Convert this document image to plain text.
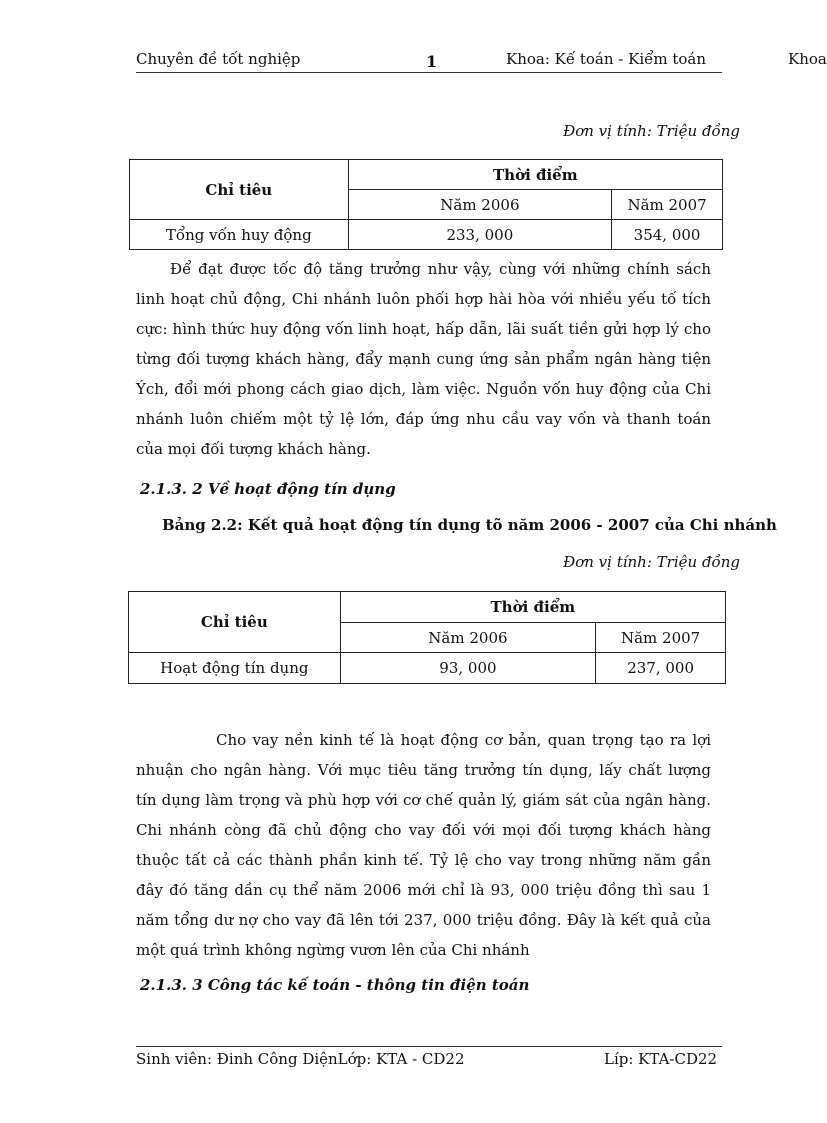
Chuyên đề tốt nghiệp	1	Khoa: Kế toán - Kiểm toán	Khoa
Đơn vị tính: Triệu đồng
Chỉ tiêu	Thời điểm	
	Năm 2006	Năm 2007
Tổng vốn huy động	233, 000	354, 000

Để đạt được tốc độ tăng trưởng như vậy, cùng với những chính sách linh hoạt chủ động, Chi nhánh luôn phối hợp hài hòa với nhiều yếu tố tích cực: hình thức huy động vốn linh hoạt, hấp dẫn, lãi suất tiền gửi hợp lý cho từng đối tượng khách hàng, đẩy mạnh cung ứng sản phẩm ngân hàng tiện Ých, đổi mới phong cách giao dịch, làm việc. Nguồn vốn huy động của Chi nhánh luôn chiếm một tỷ lệ lớn, đáp ứng nhu cầu vay vốn và thanh toán của mọi đối tượng khách hàng.

2.1.3. 2 Về hoạt động tín dụng
Bảng 2.2: Kết quả hoạt động tín dụng tõ năm 2006 - 2007 của Chi nhánh
Đơn vị tính: Triệu đồng
Chỉ tiêu	Thời điểm	
	Năm 2006	Năm 2007
Hoạt động tín dụng	93, 000	237, 000

Cho vay nền kinh tế là hoạt động cơ bản, quan trọng tạo ra lợi nhuận cho ngân hàng. Với mục tiêu tăng trưởng tín dụng, lấy chất lượng tín dụng làm trọng và phù hợp với cơ chế quản lý, giám sát của ngân hàng. Chi nhánh còng đã chủ động cho vay đối với mọi đối tượng khách hàng thuộc tất cả các thành phần kinh tế. Tỷ lệ cho vay trong những năm gần đây đó tăng dần cụ thể năm 2006 mới chỉ là 93, 000 triệu đồng thì sau 1 năm tổng dư nợ cho vay đã lên tới 237, 000 triệu đồng. Đây là kết quả của một quá trình không ngừng vươn lên của Chi nhánh

2.1.3. 3 Công tác kế toán - thông tin điện toán
Sinh viên: Đinh Công DiệnLớp: KTA - CD22	Líp: KTA-CD22
